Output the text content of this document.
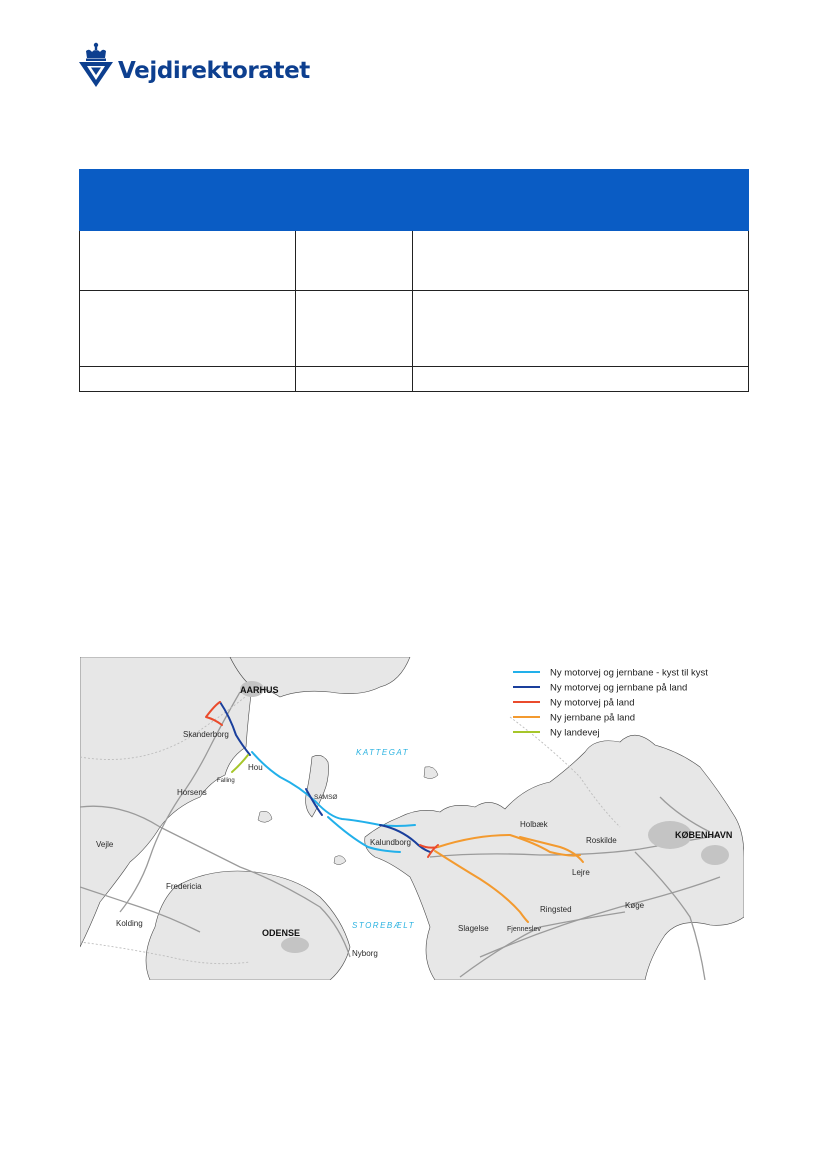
Vejdirektoratet

AARHUS
Skanderborg
Hou
Falling
Horsens
Vejle
Fredericia
Kolding
ODENSE
Nyborg
SAMSØ
Kalundborg
Holbæk
Roskilde
KØBENHAVN
Lejre
Køge
Ringsted
Slagelse	Fjenneslev
KATTEGAT
STOREBÆLT
Ny motorvej og jernbane - kyst til kyst
Ny motorvej og jernbane på land
Ny motorvej på land
Ny jernbane på land
Ny landevej
